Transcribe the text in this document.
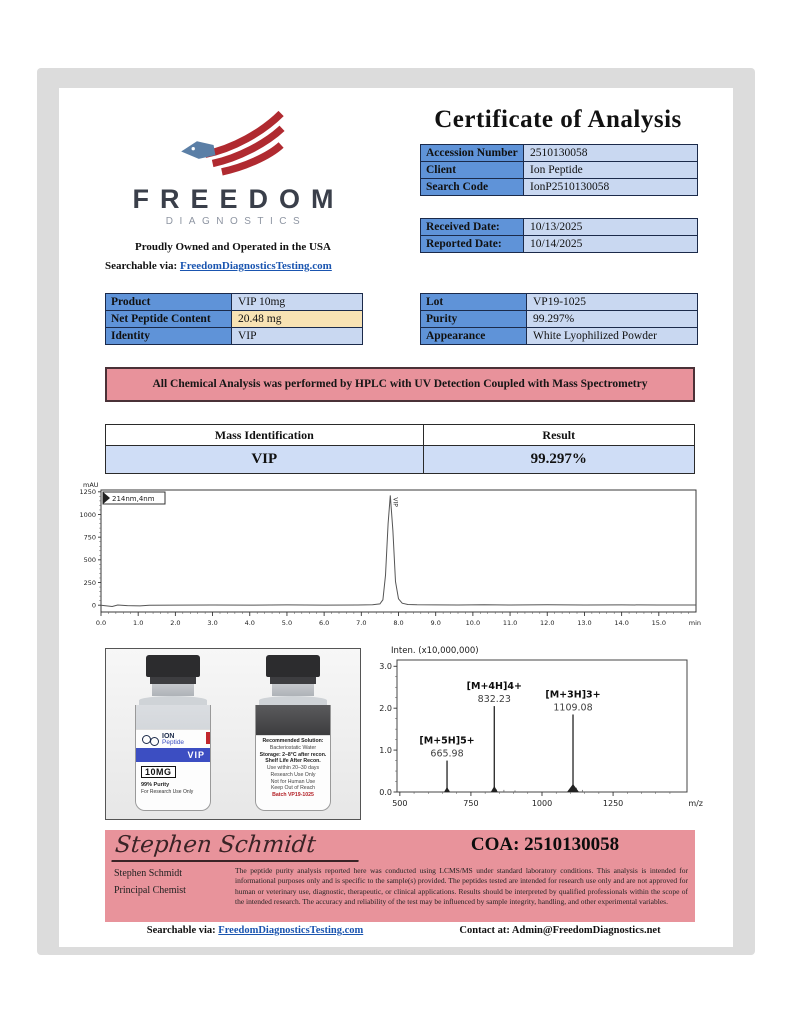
FREEDOM
DIAGNOSTICS
Proudly Owned and Operated in the USA
Searchable via: FreedomDiagnosticsTesting.com
Certificate of Analysis
Accession Number	2510130058
Client	Ion Peptide
Search Code	IonP2510130058
Received Date:	10/13/2025
Reported Date:	10/14/2025
Product	VIP 10mg
Net Peptide Content	20.48 mg
Identity	VIP
Lot	VP19-1025
Purity	99.297%
Appearance	White Lyophilized Powder
All Chemical Analysis was performed by HPLC with UV Detection Coupled with Mass Spectrometry
Mass Identification	Result
VIP	99.297%
mAU
0
250
500
750
1000
1250
0.0	1.0	2.0	3.0	4.0	5.0	6.0	7.0	8.0	9.0	10.0	11.0	12.0	13.0	14.0	15.0	min
214nm,4nm	VIP
ION
Peptide
VIP
10MG
99% Purity
For Research Use Only
Recommended Solution:
Bacteriostatic Water
Storage: 2–8°C after recon.
Shelf Life After Recon.
Use within 20–30 days
Research Use Only
Not for Human Use
Keep Out of Reach
Batch VP19-1025
Inten. (x10,000,000)
0.0
1.0
2.0
3.0
500	750	1000	1250	m/z
665.98
[M+5H]5+
832.23
[M+4H]4+
1109.08
[M+3H]3+
Stephen Schmidt
Stephen Schmidt
Principal Chemist
COA: 2510130058
The peptide purity analysis reported here was conducted using LCMS/MS under standard laboratory conditions. This analysis is intended for informational purposes only and is specific to the sample(s) provided. The peptides tested are intended for research use only and are not approved for human or veterinary use, diagnostic, therapeutic, or clinical applications. Results should be interpreted by qualified professionals within the scope of the intended research. The accuracy and reliability of the test may be influenced by sample integrity, handling, and other experimental variables.
Searchable via: FreedomDiagnosticsTesting.com	Contact at: Admin@FreedomDiagnostics.net
